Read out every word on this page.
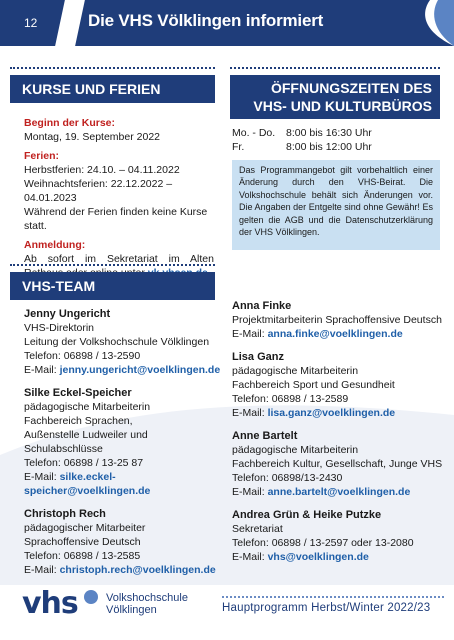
12	Die VHS Völklingen informiert
KURSE UND FERIEN

Beginn der Kurse:

Montag, 19. September 2022

Ferien:

Herbstferien: 24.10. – 04.11.2022

Weihnachtsferien: 22.12.2022 – 04.01.2023

Während der Ferien finden keine Kurse statt.

Anmeldung:

Ab sofort im Sekretariat im Alten

ÖFFNUNGSZEITEN DES
VHS- UND KULTURBÜROS
Mo. - Do.	8:00 bis 16:30 Uhr
Fr.	8:00 bis 12:00 Uhr
Das Programmangebot gilt vorbehaltlich einer Änderung durch den VHS-Beirat. Die Volkshochschule behält sich Änderungen vor. Die Angaben der Entgelte sind ohne Gewähr! Es gelten die AGB und die Datenschutzerklärung der VHS Völklingen.
VHS-TEAM
Jenny Ungericht
VHS-Direktorin
Leitung der Volkshochschule Völklingen
Telefon: 06898 / 13-2590
E-Mail: jenny.ungericht@voelklingen.de
Silke Eckel-Speicher
pädagogische Mitarbeiterin
Fachbereich Sprachen,
Außenstelle Ludweiler und Schulabschlüsse
Telefon: 06898 / 13-25 87
E-Mail: silke.eckel-speicher@voelklingen.de
Christoph Rech
pädagogischer Mitarbeiter
Sprachoffensive Deutsch
Telefon: 06898 / 13-2585
E-Mail: christoph.rech@voelklingen.de
Anna Finke
Projektmitarbeiterin Sprachoffensive Deutsch
E-Mail: anna.finke@voelklingen.de
Lisa Ganz
pädagogische Mitarbeiterin
Fachbereich Sport und Gesundheit
Telefon: 06898 / 13-2589
E-Mail: lisa.ganz@voelklingen.de
Anne Bartelt
pädagogische Mitarbeiterin
Fachbereich Kultur, Gesellschaft, Junge VHS
Telefon: 06898/13-2430
E-Mail: anne.bartelt@voelklingen.de
Andrea Grün & Heike Putzke
Sekretariat
Telefon: 06898 / 13-2597 oder 13-2080
E-Mail: vhs@voelklingen.de
vhs	Volkshochschule
Völklingen	Hauptprogramm Herbst/Winter 2022/23
